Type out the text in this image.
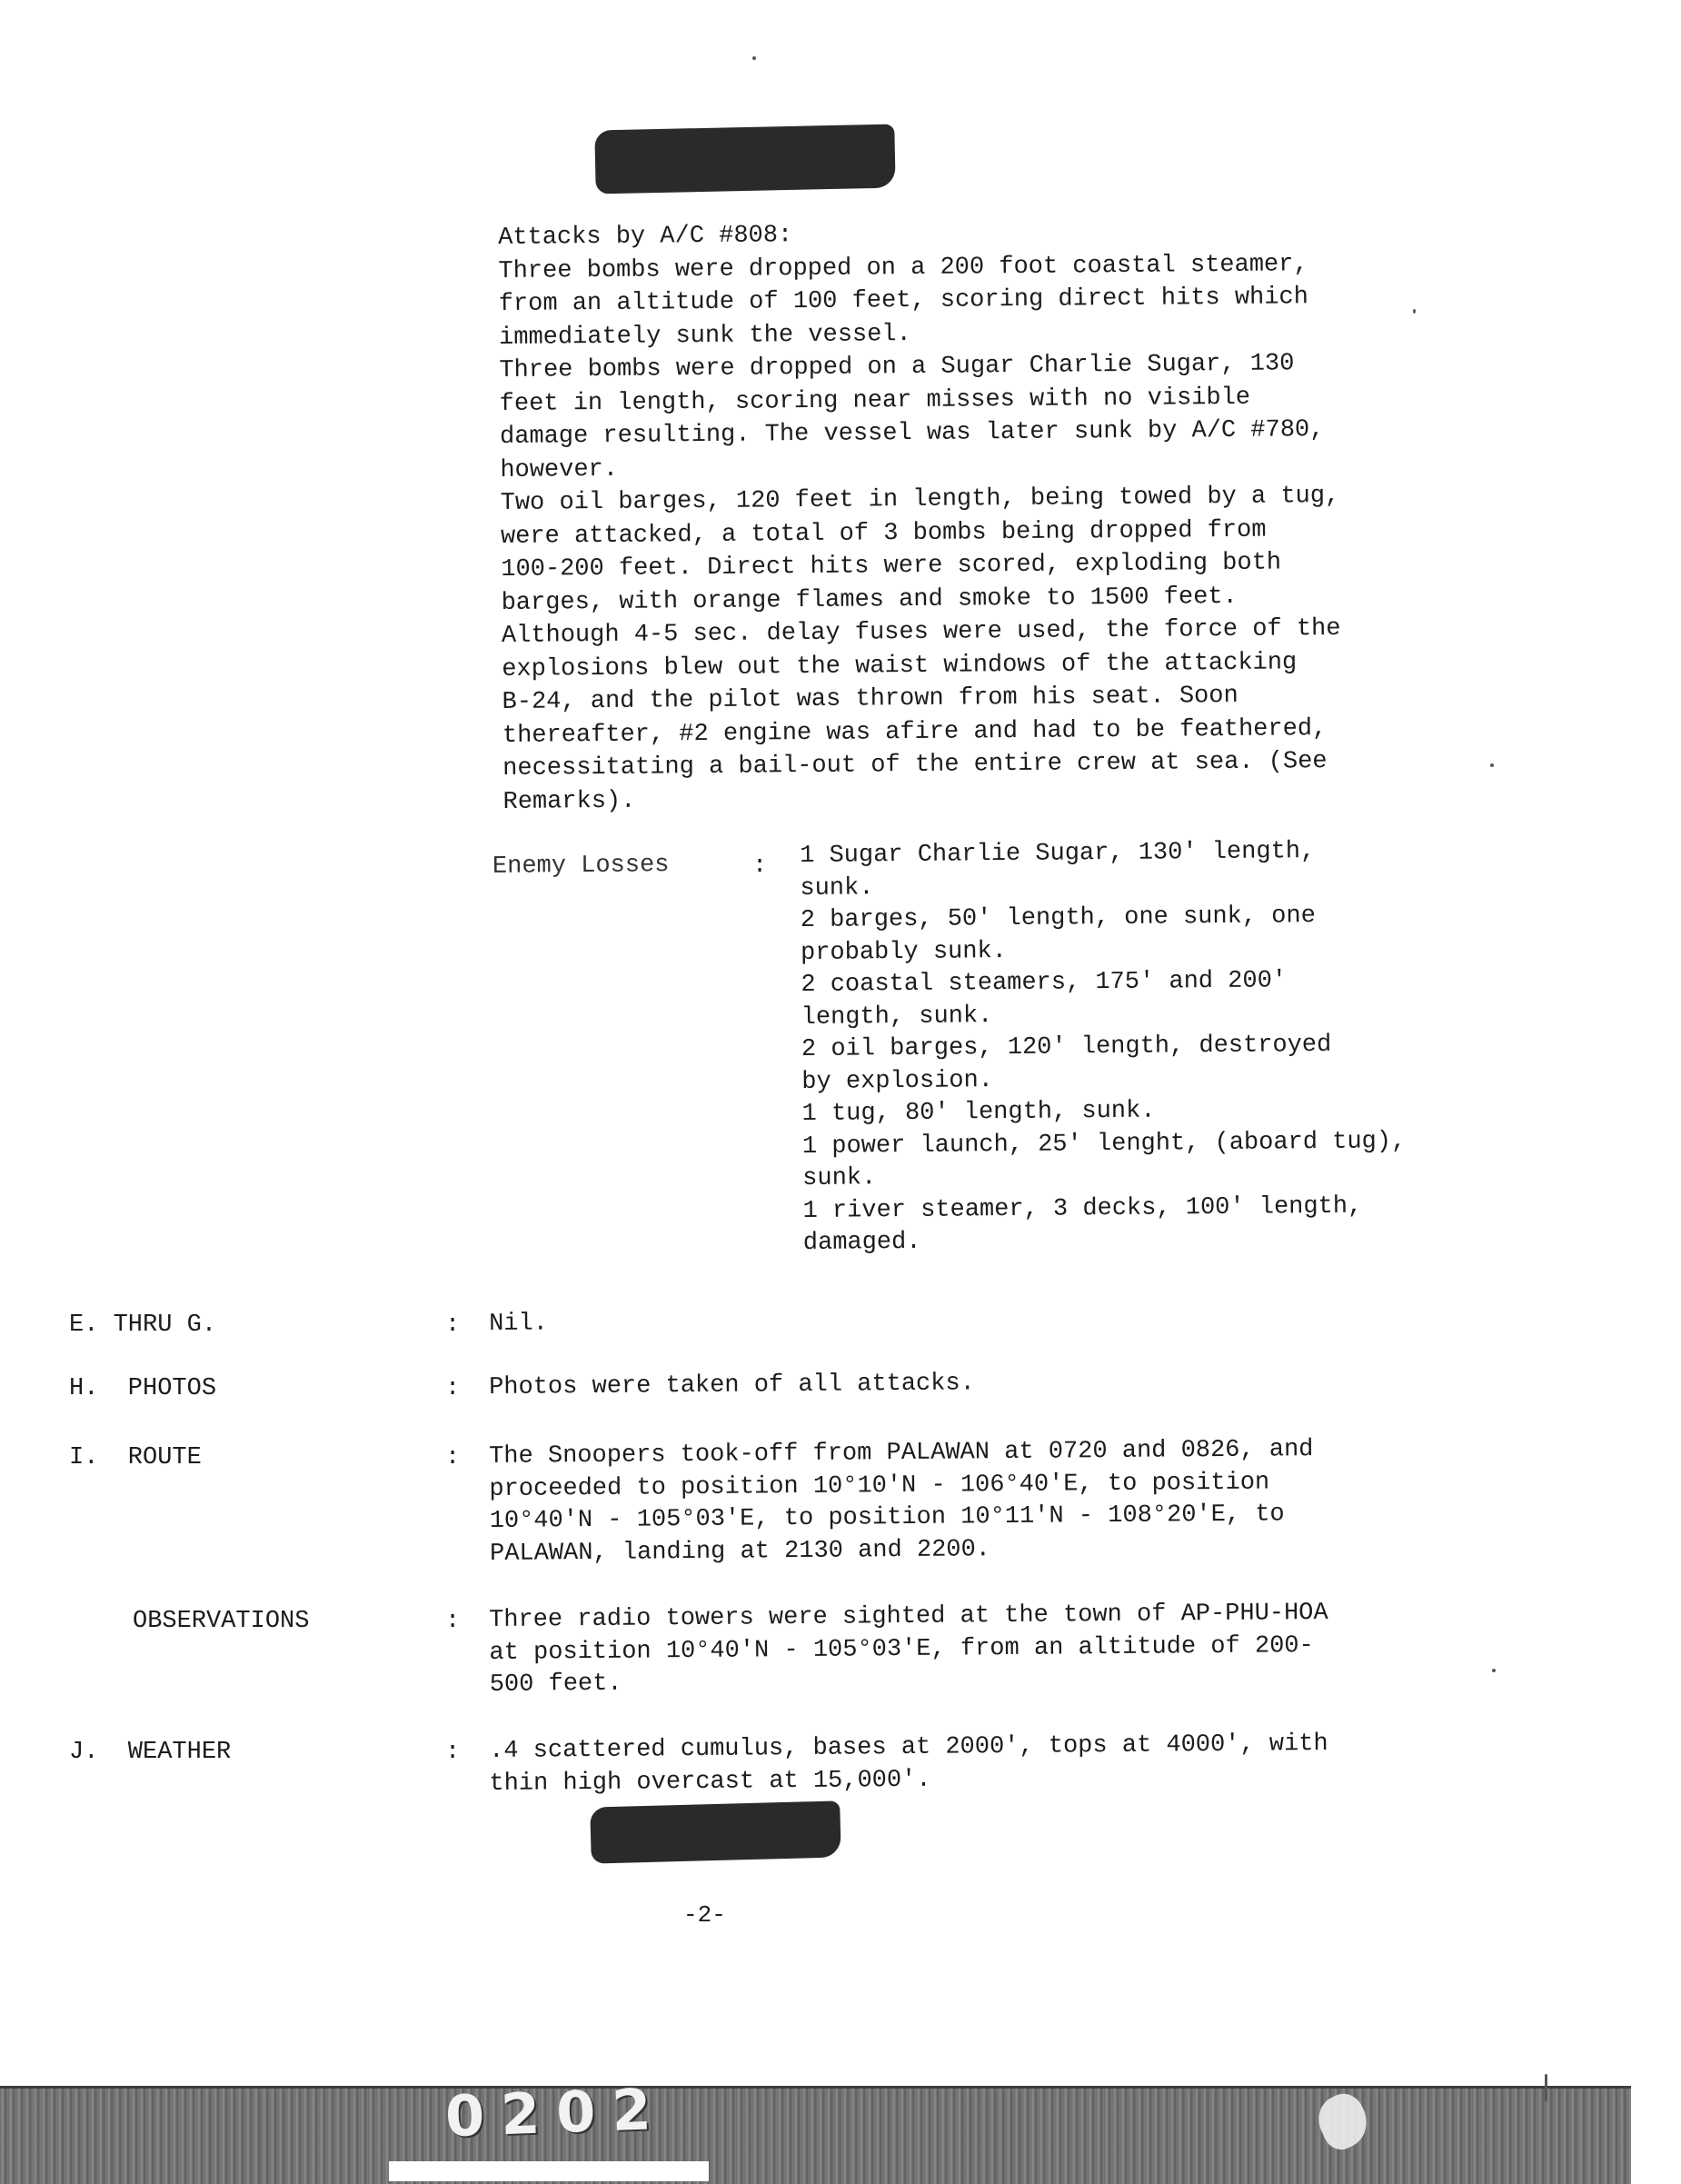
Attacks by A/C #808:

Three bombs were dropped on a 200 foot coastal steamer,

from an altitude of 100 feet, scoring direct hits which

immediately sunk the vessel.

Three bombs were dropped on a Sugar Charlie Sugar, 130

feet in length, scoring near misses with no visible

damage resulting. The vessel was later sunk by A/C #780,

however.

Two oil barges, 120 feet in length, being towed by a tug,

were attacked, a total of 3 bombs being dropped from

100-200 feet. Direct hits were scored, exploding both

barges, with orange flames and smoke to 1500 feet.

Although 4-5 sec. delay fuses were used, the force of the

explosions blew out the waist windows of the attacking

B-24, and the pilot was thrown from his seat. Soon

thereafter, #2 engine was afire and had to be feathered,

necessitating a bail-out of the entire crew at sea. (See

Remarks).

Enemy Losses	: 1 Sugar Charlie Sugar, 130' length,

sunk.

2 barges, 50' length, one sunk, one

probably sunk.

2 coastal steamers, 175' and 200'

length, sunk.

2 oil barges, 120' length, destroyed

by explosion.

1 tug, 80' length, sunk.

1 power launch, 25' lenght, (aboard tug),

sunk.

1 river steamer, 3 decks, 100' length,

damaged.

E. THRU G.	: Nil.

H.  PHOTOS	: Photos were taken of all attacks.

I.  ROUTE	: The Snoopers took-off from PALAWAN at 0720 and 0826, and

proceeded to position 10°10'N - 106°40'E, to position

10°40'N - 105°03'E, to position 10°11'N - 108°20'E, to

PALAWAN, landing at 2130 and 2200.

OBSERVATIONS	: Three radio towers were sighted at the town of AP-PHU-HOA

at position 10°40'N - 105°03'E, from an altitude of 200-

500 feet.

J.  WEATHER	: .4 scattered cumulus, bases at 2000', tops at 4000', with

thin high overcast at 15,000'.

-2-
0202
